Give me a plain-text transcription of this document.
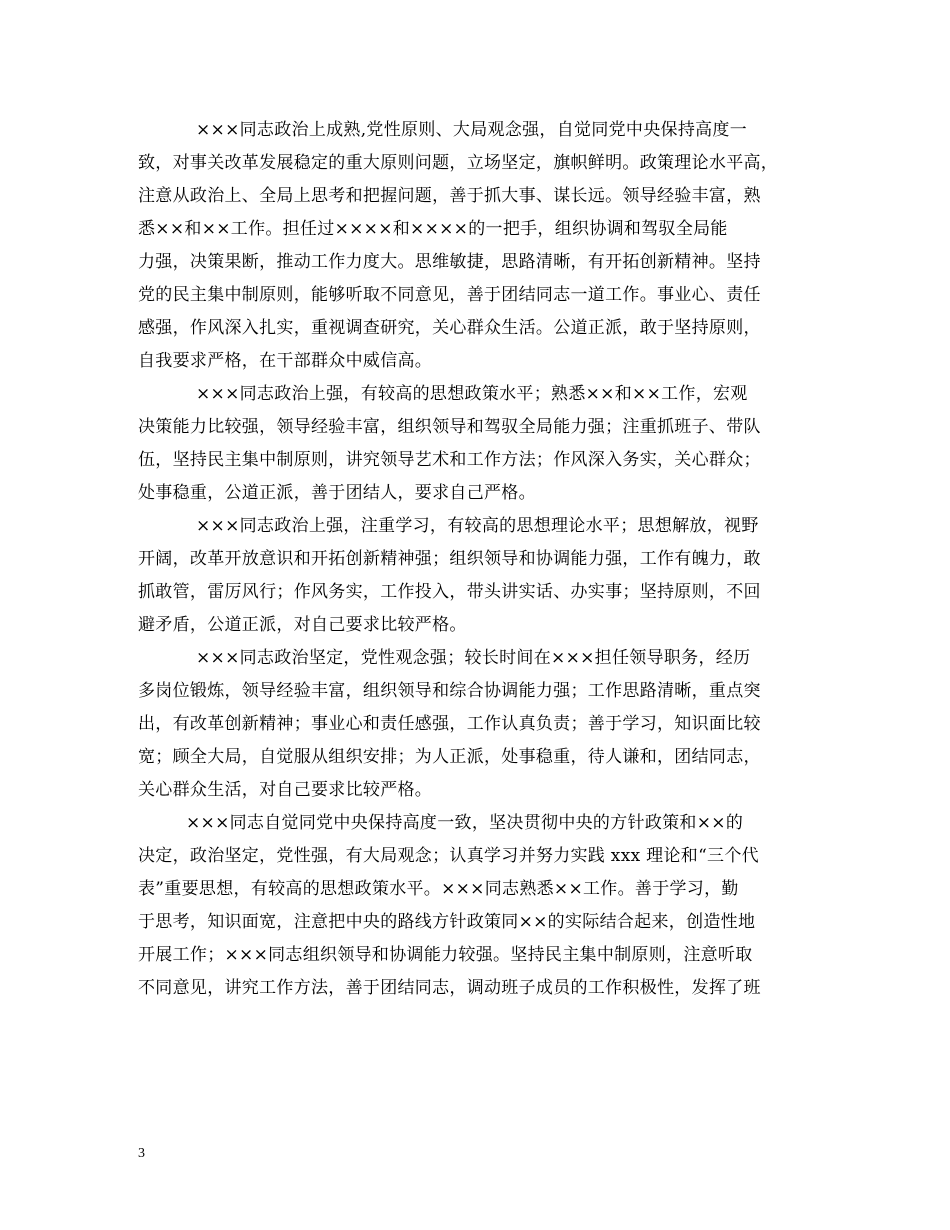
×××同志政治上成熟,党性原则、大局观念强，自觉同党中央保持高度一
致，对事关改革发展稳定的重大原则问题，立场坚定，旗帜鲜明。政策理论水平高，
注意从政治上、全局上思考和把握问题，善于抓大事、谋长远。领导经验丰富，熟
悉××和××工作。担任过××××和××××的一把手，组织协调和驾驭全局能
力强，决策果断，推动工作力度大。思维敏捷，思路清晰，有开拓创新精神。坚持
党的民主集中制原则，能够听取不同意见，善于团结同志一道工作。事业心、责任
感强，作风深入扎实，重视调查研究，关心群众生活。公道正派，敢于坚持原则，
自我要求严格，在干部群众中威信高。
×××同志政治上强，有较高的思想政策水平；熟悉××和××工作，宏观
决策能力比较强，领导经验丰富，组织领导和驾驭全局能力强；注重抓班子、带队
伍，坚持民主集中制原则，讲究领导艺术和工作方法；作风深入务实，关心群众；
处事稳重，公道正派，善于团结人，要求自己严格。
×××同志政治上强，注重学习，有较高的思想理论水平；思想解放，视野
开阔，改革开放意识和开拓创新精神强；组织领导和协调能力强，工作有魄力，敢
抓敢管，雷厉风行；作风务实，工作投入，带头讲实话、办实事；坚持原则，不回
避矛盾，公道正派，对自己要求比较严格。
×××同志政治坚定，党性观念强；较长时间在×××担任领导职务，经历
多岗位锻炼，领导经验丰富，组织领导和综合协调能力强；工作思路清晰，重点突
出，有改革创新精神；事业心和责任感强，工作认真负责；善于学习，知识面比较
宽；顾全大局，自觉服从组织安排；为人正派，处事稳重，待人谦和，团结同志，
关心群众生活，对自己要求比较严格。
×××同志自觉同党中央保持高度一致，坚决贯彻中央的方针政策和××的
决定，政治坚定，党性强，有大局观念；认真学习并努力实践 xxx 理论和“三个代
表”重要思想，有较高的思想政策水平。×××同志熟悉××工作。善于学习，勤
于思考，知识面宽，注意把中央的路线方针政策同××的实际结合起来，创造性地
开展工作；×××同志组织领导和协调能力较强。坚持民主集中制原则，注意听取
不同意见，讲究工作方法，善于团结同志，调动班子成员的工作积极性，发挥了班
3
